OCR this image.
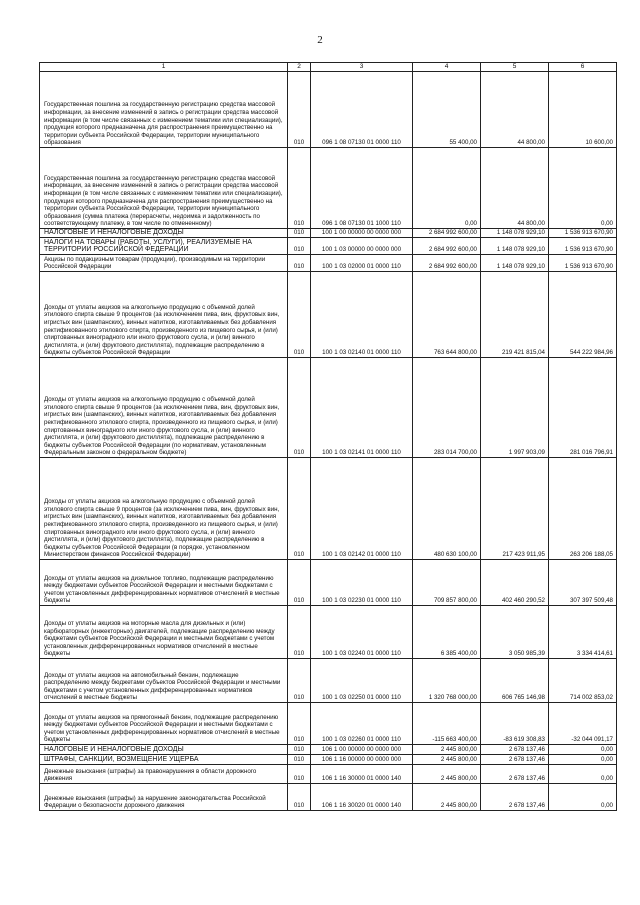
2
1	2	3	4	5	6
Государственная пошлина за государственную регистрацию средства массовой информации, за внесение изменений в запись о регистрации средства массовой информации (в том числе связанных с изменением тематики или специализации), продукция которого предназначена для распространения преимущественно на территории субъекта Российской Федерации, территории муниципального образования	010	096 1 08 07130 01 0000 110	55 400,00	44 800,00	10 600,00
Государственная пошлина за государственную регистрацию средства массовой информации, за внесение изменений в запись о регистрации средства массовой информации (в том числе связанных с изменением тематики или специализации), продукция которого предназначена для распространения преимущественно на территории субъекта Российской Федерации, территории муниципального образования (сумма платежа (перерасчеты, недоимка и задолженность по соответствующему платежу, в том числе по отмененному)	010	096 1 08 07130 01 1000 110	0,00	44 800,00	0,00
НАЛОГОВЫЕ И НЕНАЛОГОВЫЕ ДОХОДЫ	010	100 1 00 00000 00 0000 000	2 684 992 600,00	1 148 078 929,10	1 536 913 670,90
НАЛОГИ НА ТОВАРЫ (РАБОТЫ, УСЛУГИ), РЕАЛИЗУЕМЫЕ НА ТЕРРИТОРИИ РОССИЙСКОЙ ФЕДЕРАЦИИ	010	100 1 03 00000 00 0000 000	2 684 992 600,00	1 148 078 929,10	1 536 913 670,90
Акцизы по подакцизным товарам (продукции), производимым на территории Российской Федерации	010	100 1 03 02000 01 0000 110	2 684 992 600,00	1 148 078 929,10	1 536 913 670,90
Доходы от уплаты акцизов на алкогольную продукцию с объемной долей этилового спирта свыше 9 процентов (за исключением пива, вин, фруктовых вин, игристых вин (шампанских), винных напитков, изготавливаемых без добавления ректификованного этилового спирта, произведенного из пищевого сырья, и (или) спиртованных виноградного или иного фруктового сусла, и (или) винного дистиллята, и (или) фруктового дистиллята), подлежащие распределению в бюджеты субъектов Российской Федерации	010	100 1 03 02140 01 0000 110	763 644 800,00	219 421 815,04	544 222 984,96
Доходы от уплаты акцизов на алкогольную продукцию с объемной долей этилового спирта свыше 9 процентов (за исключением пива, вин, фруктовых вин, игристых вин (шампанских), винных напитков, изготавливаемых без добавления ректификованного этилового спирта, произведенного из пищевого сырья, и (или) спиртованных виноградного или иного фруктового сусла, и (или) винного дистиллята, и (или) фруктового дистиллята), подлежащие распределению в бюджеты субъектов Российской Федерации (по нормативам, установленным Федеральным законом о федеральном бюджете)	010	100 1 03 02141 01 0000 110	283 014 700,00	1 997 903,09	281 016 796,91
Доходы от уплаты акцизов на алкогольную продукцию с объемной долей этилового спирта свыше 9 процентов (за исключением пива, вин, фруктовых вин, игристых вин (шампанских), винных напитков, изготавливаемых без добавления ректификованного этилового спирта, произведенного из пищевого сырья, и (или) спиртованных виноградного или иного фруктового сусла, и (или) винного дистиллята, и (или) фруктового дистиллята), подлежащие распределению в бюджеты субъектов Российской Федерации (в порядке, установленном Министерством финансов Российской Федерации)	010	100 1 03 02142 01 0000 110	480 630 100,00	217 423 911,95	263 206 188,05
Доходы от уплаты акцизов на дизельное топливо, подлежащие распределению между бюджетами субъектов Российской Федерации и местными бюджетами с учетом установленных дифференцированных нормативов отчислений в местные бюджеты	010	100 1 03 02230 01 0000 110	709 857 800,00	402 460 290,52	307 397 509,48
Доходы от уплаты акцизов на моторные масла для дизельных и (или) карбюраторных (инжекторных) двигателей, подлежащие распределению между бюджетами субъектов Российской Федерации и местными бюджетами с учетом установленных дифференцированных нормативов отчислений в местные бюджеты	010	100 1 03 02240 01 0000 110	6 385 400,00	3 050 985,39	3 334 414,61
Доходы от уплаты акцизов на автомобильный бензин, подлежащие распределению между бюджетами субъектов Российской Федерации и местными бюджетами с учетом установленных дифференцированных нормативов отчислений в местные бюджеты	010	100 1 03 02250 01 0000 110	1 320 768 000,00	606 765 146,98	714 002 853,02
Доходы от уплаты акцизов на прямогонный бензин, подлежащие распределению между бюджетами субъектов Российской Федерации и местными бюджетами с учетом установленных дифференцированных нормативов отчислений в местные бюджеты	010	100 1 03 02260 01 0000 110	-115 663 400,00	-83 619 308,83	-32 044 091,17
НАЛОГОВЫЕ И НЕНАЛОГОВЫЕ ДОХОДЫ	010	106 1 00 00000 00 0000 000	2 445 800,00	2 678 137,46	0,00
ШТРАФЫ, САНКЦИИ, ВОЗМЕЩЕНИЕ УЩЕРБА	010	106 1 16 00000 00 0000 000	2 445 800,00	2 678 137,46	0,00
Денежные взыскания (штрафы) за правонарушения в области дорожного движения	010	106 1 16 30000 01 0000 140	2 445 800,00	2 678 137,46	0,00
Денежные взыскания (штрафы) за нарушение законодательства Российской Федерации о безопасности дорожного движения	010	106 1 16 30020 01 0000 140	2 445 800,00	2 678 137,46	0,00
